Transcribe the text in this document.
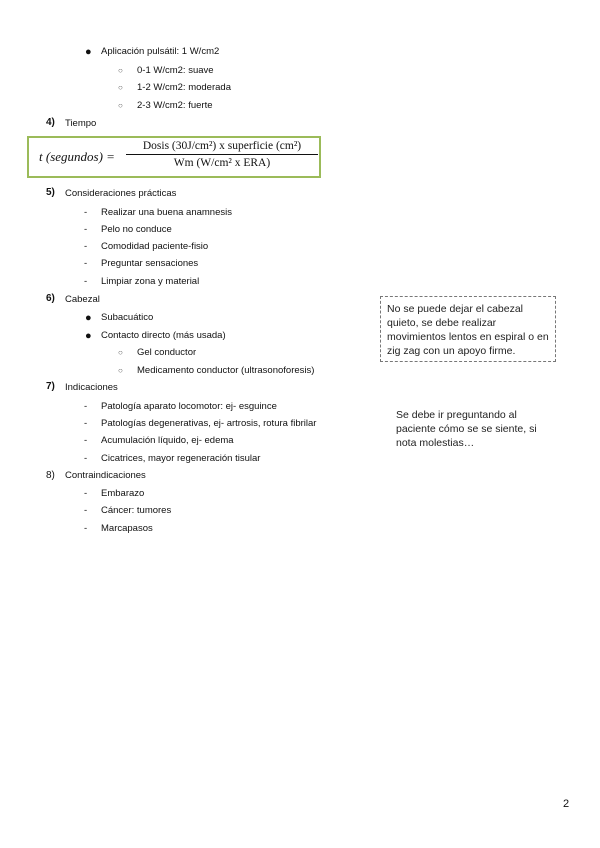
● Aplicación pulsátil: 1 W/cm2
○ 0-1 W/cm2: suave
○ 1-2 W/cm2: moderada
○ 2-3 W/cm2: fuerte
4) Tiempo
t (segundos) =
Dosis (30J/cm²) x superficie (cm²)
Wm (W/cm² x ERA)
5) Consideraciones prácticas
- Realizar una buena anamnesis
- Pelo no conduce
- Comodidad paciente-fisio
- Preguntar sensaciones
- Limpiar zona y material
6) Cabezal
● Subacuático
● Contacto directo (más usada)
○ Gel conductor
○ Medicamento conductor (ultrasonoforesis)
No se puede dejar el cabezal quieto, se debe realizar movimientos lentos en espiral o en zig zag con un apoyo firme.
7) Indicaciones
- Patología aparato locomotor: ej- esguince
- Patologías degenerativas, ej- artrosis, rotura fibrilar
- Acumulación líquido, ej- edema
- Cicatrices, mayor regeneración tisular
Se debe ir preguntando al paciente cómo se se siente, si nota molestias…
8) Contraindicaciones
- Embarazo
- Cáncer: tumores
- Marcapasos
2
